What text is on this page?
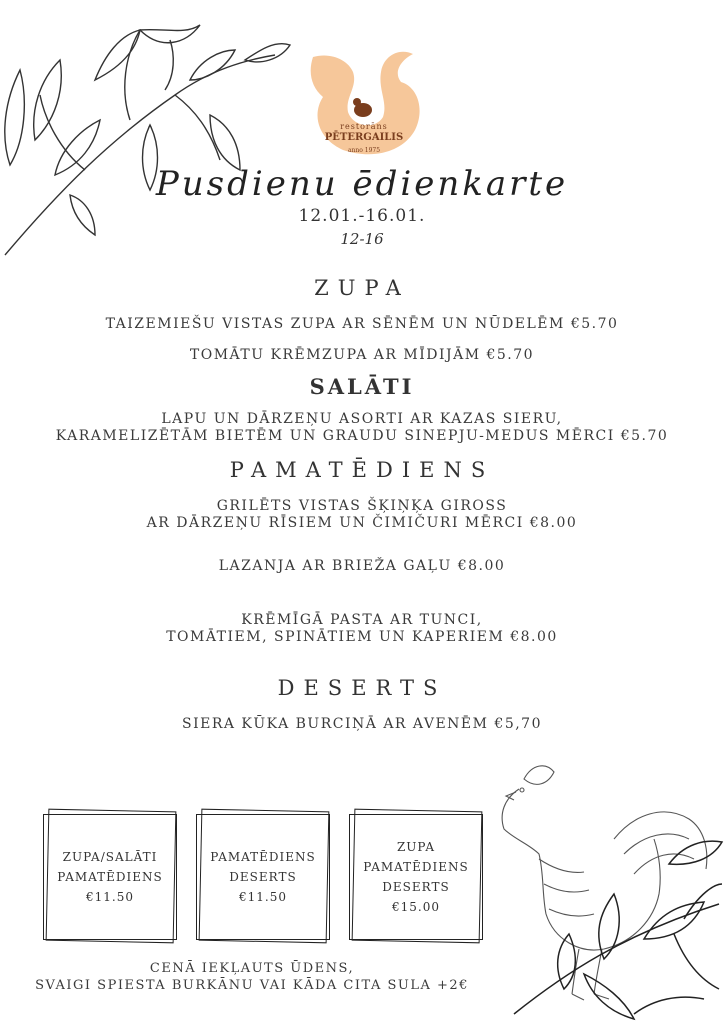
restorāns
PĒTERGAILIS
anno 1975
Pusdienu ēdienkarte
12.01.-16.01.
12-16
ZUPA
TAIZEMIEŠU VISTAS ZUPA AR SĒNĒM UN NŪDELĒM €5.70
TOMĀTU KRĒMZUPA AR MĪDIJĀM €5.70
SALĀTI
LAPU UN DĀRZEŅU ASORTI AR KAZAS SIERU,
KARAMELIZĒTĀM BIETĒM UN GRAUDU SINEPJU-MEDUS MĒRCI €5.70
PAMATĒDIENS
GRILĒTS VISTAS ŠĶIŅĶA GIROSS
AR DĀRZEŅU RĪSIEM UN ČIMIČURI MĒRCI €8.00
LAZANJA AR BRIEŽA GAĻU €8.00
KRĒMĪGĀ PASTA AR TUNCI,
TOMĀTIEM, SPINĀTIEM UN KAPERIEM €8.00
DESERTS
SIERA KŪKA BURCIŅĀ AR AVENĒM €5,70
ZUPA/SALĀTI
PAMATĒDIENS
€11.50
PAMATĒDIENS
DESERTS
€11.50
ZUPA
PAMATĒDIENS
DESERTS
€15.00
CENĀ IEKĻAUTS ŪDENS,
SVAIGI SPIESTA BURKĀNU VAI KĀDA CITA SULA +2€
